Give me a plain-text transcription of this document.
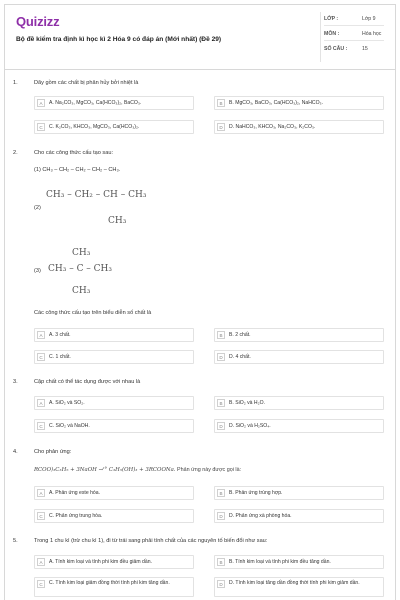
Quizizz
Bộ đề kiểm tra định kì học kì 2 Hóa 9 có đáp án (Mới nhất) (Đề 29)
LỚP :	Lớp 9
MÔN :	Hóa học
SỐ CÂU :	15
1.	Dãy gồm các chất bị phân hủy bởi nhiệt là
A	A. Na₂CO₃, MgCO₃, Ca(HCO₃)₂, BaCO₃.	B	B. MgCO₃, BaCO₃, Ca(HCO₃)₂, NaHCO₃.
C	C. K₂CO₃, KHCO₃, MgCO₃, Ca(HCO₃)₂.	D	D. NaHCO₃, KHCO₃, Na₂CO₃, K₂CO₃.
2.	Cho các công thức cấu tạo sau:
(1) CH₃ – CH₂ – CH₂ – CH₂ – CH₃.
(2)
CH₃ – CH₂ – CH – CH₃
CH₃
CH₃
(3) CH₃ – C – CH₃
CH₃
Các công thức cấu tạo trên biểu diễn số chất là
A	A. 3 chất.	B	B. 2 chất.
C	C. 1 chất.	D	D. 4 chất.
3.	Cặp chất có thể tác dụng được với nhau là
A	A. SiO₂ và SO₂.	B	B. SiO₂ và H₂O.
C	C. SiO₂ và NaOH.	D	D. SiO₂ và H₂SO₄.
4.	Cho phản ứng:
RCOO)₃C₃H₅ + 3NaOH →ᵗ° C₃H₅(OH)₃ + 3RCOONa. Phản ứng này được gọi là:
A	A. Phản ứng este hóa.	B	B. Phản ứng trùng hợp.
C	C. Phản ứng trung hòa.	D	D. Phản ứng xà phòng hóa.
5.	Trong 1 chu kì (trừ chu kì 1), đi từ trái sang phải tính chất của các nguyên tố biến đổi như sau:
A	A. Tính kim loại và tính phi kim đều giảm dần.	B	B. Tính kim loại và tính phi kim đều tăng dần.
C	C. Tính kim loại giảm đồng thời tính phi kim tăng dần.	D	D. Tính kim loại tăng dần đồng thời tính phi kim giảm dần.
